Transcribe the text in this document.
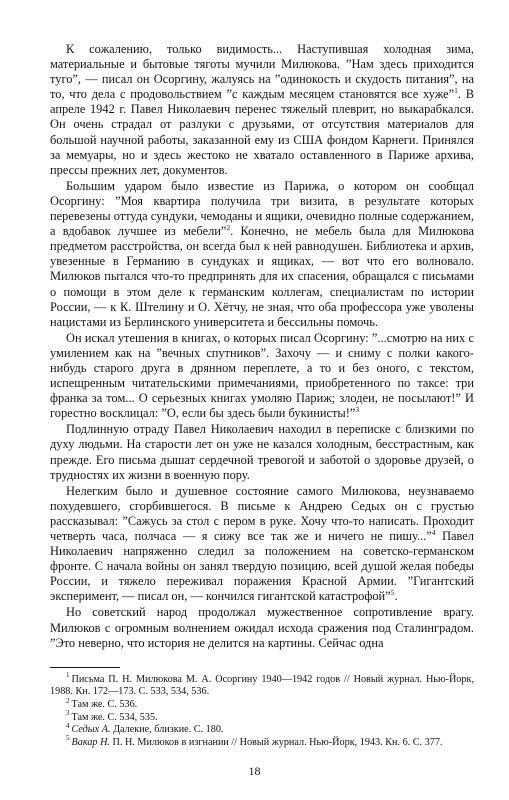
К сожалению, только видимость... Наступившая холодная зима, материальные и бытовые тяготы мучили Милюкова. ”Нам здесь приходится туго”, — писал он Осоргину, жалуясь на ”одинокость и скудость питания”, на то, что дела с продовольствием ”с каждым месяцем становятся все хуже”$^1$. В апреле 1942 г. Павел Николаевич перенес тяжелый плеврит, но выкарабкался. Он очень страдал от разлуки с друзьями, от отсутствия материалов для большой научной работы, заказанной ему из США фондом Карнеги. Принялся за мемуары, но и здесь жестоко не хватало оставленного в Париже архива, прессы прежних лет, документов.

Большим ударом было известие из Парижа, о котором он сообщал Осоргину: ”Моя квартира получила три визита, в результате которых перевезены оттуда сундуки, чемоданы и ящики, очевидно полные содержанием, а вдобавок лучшее из мебели”$^2$. Конечно, не мебель была для Милюкова предметом расстройства, он всегда был к ней равнодушен. Библиотека и архив, увезенные в Германию в сундуках и ящиках, — вот что его волновало. Милюков пытался что-то предпринять для их спасения, обращался с письмами о помощи в этом деле к германским коллегам, специалистам по истории России, — к К. Штелину и О. Хётчу, не зная, что оба профессора уже уволены нацистами из Берлинского университета и бессильны помочь.

Он искал утешения в книгах, о которых писал Осоргину: ”...смотрю на них с умилением как на ”вечных спутников”. Захочу — и сниму с полки какого-нибудь старого друга в дрянном переплете, а то и без оного, с текстом, испещренным читательскими примечаниями, приобретенного по таксе: три франка за том... О серьезных книгах умоляю Париж; злодеи, не посылают!” И горестно восклицал: ”О, если бы здесь были букинисты!”$^3$

Подлинную отраду Павел Николаевич находил в переписке с близкими по духу людьми. На старости лет он уже не казался холодным, бесстрастным, как прежде. Его письма дышат сердечной тревогой и заботой о здоровье друзей, о трудностях их жизни в военную пору.

Нелегким было и душевное состояние самого Милюкова, неузнаваемо похудевшего, сгорбившегося. В письме к Андрею Седых он с грустью рассказывал: ”Сажусь за стол с пером в руке. Хочу что-то написать. Проходит четверть часа, полчаса — я сижу все так же и ничего не пишу...”$^4$ Павел Николаевич напряженно следил за положением на советско-германском фронте. С начала войны он занял твердую позицию, всей душой желая победы России, и тяжело переживал поражения Красной Армии. ”Гигантский эксперимент, — писал он, — кончился гигантской катастрофой”$^5$.

Но советский народ продолжал мужественное сопротивление врагу. Милюков с огромным волнением ожидал исхода сражения под Сталинградом. ”Это неверно, что история не делится на картины. Сейчас одна

$^1$ Письма П. Н. Милюкова М. А. Осоргину 1940—1942 годов // Новый журнал. Нью-Йорк, 1988. Кн. 172—173. С. 533, 534, 536.
$^2$ Там же. С. 536.
$^3$ Там же. С. 534, 535.
$^4$ Седых А. Далекие, близкие. С. 180.
$^5$ Вакар Н. П. Н. Милюков в изгнании // Новый журнал. Нью-Йорк, 1943. Кн. 6. С. 377.
18
